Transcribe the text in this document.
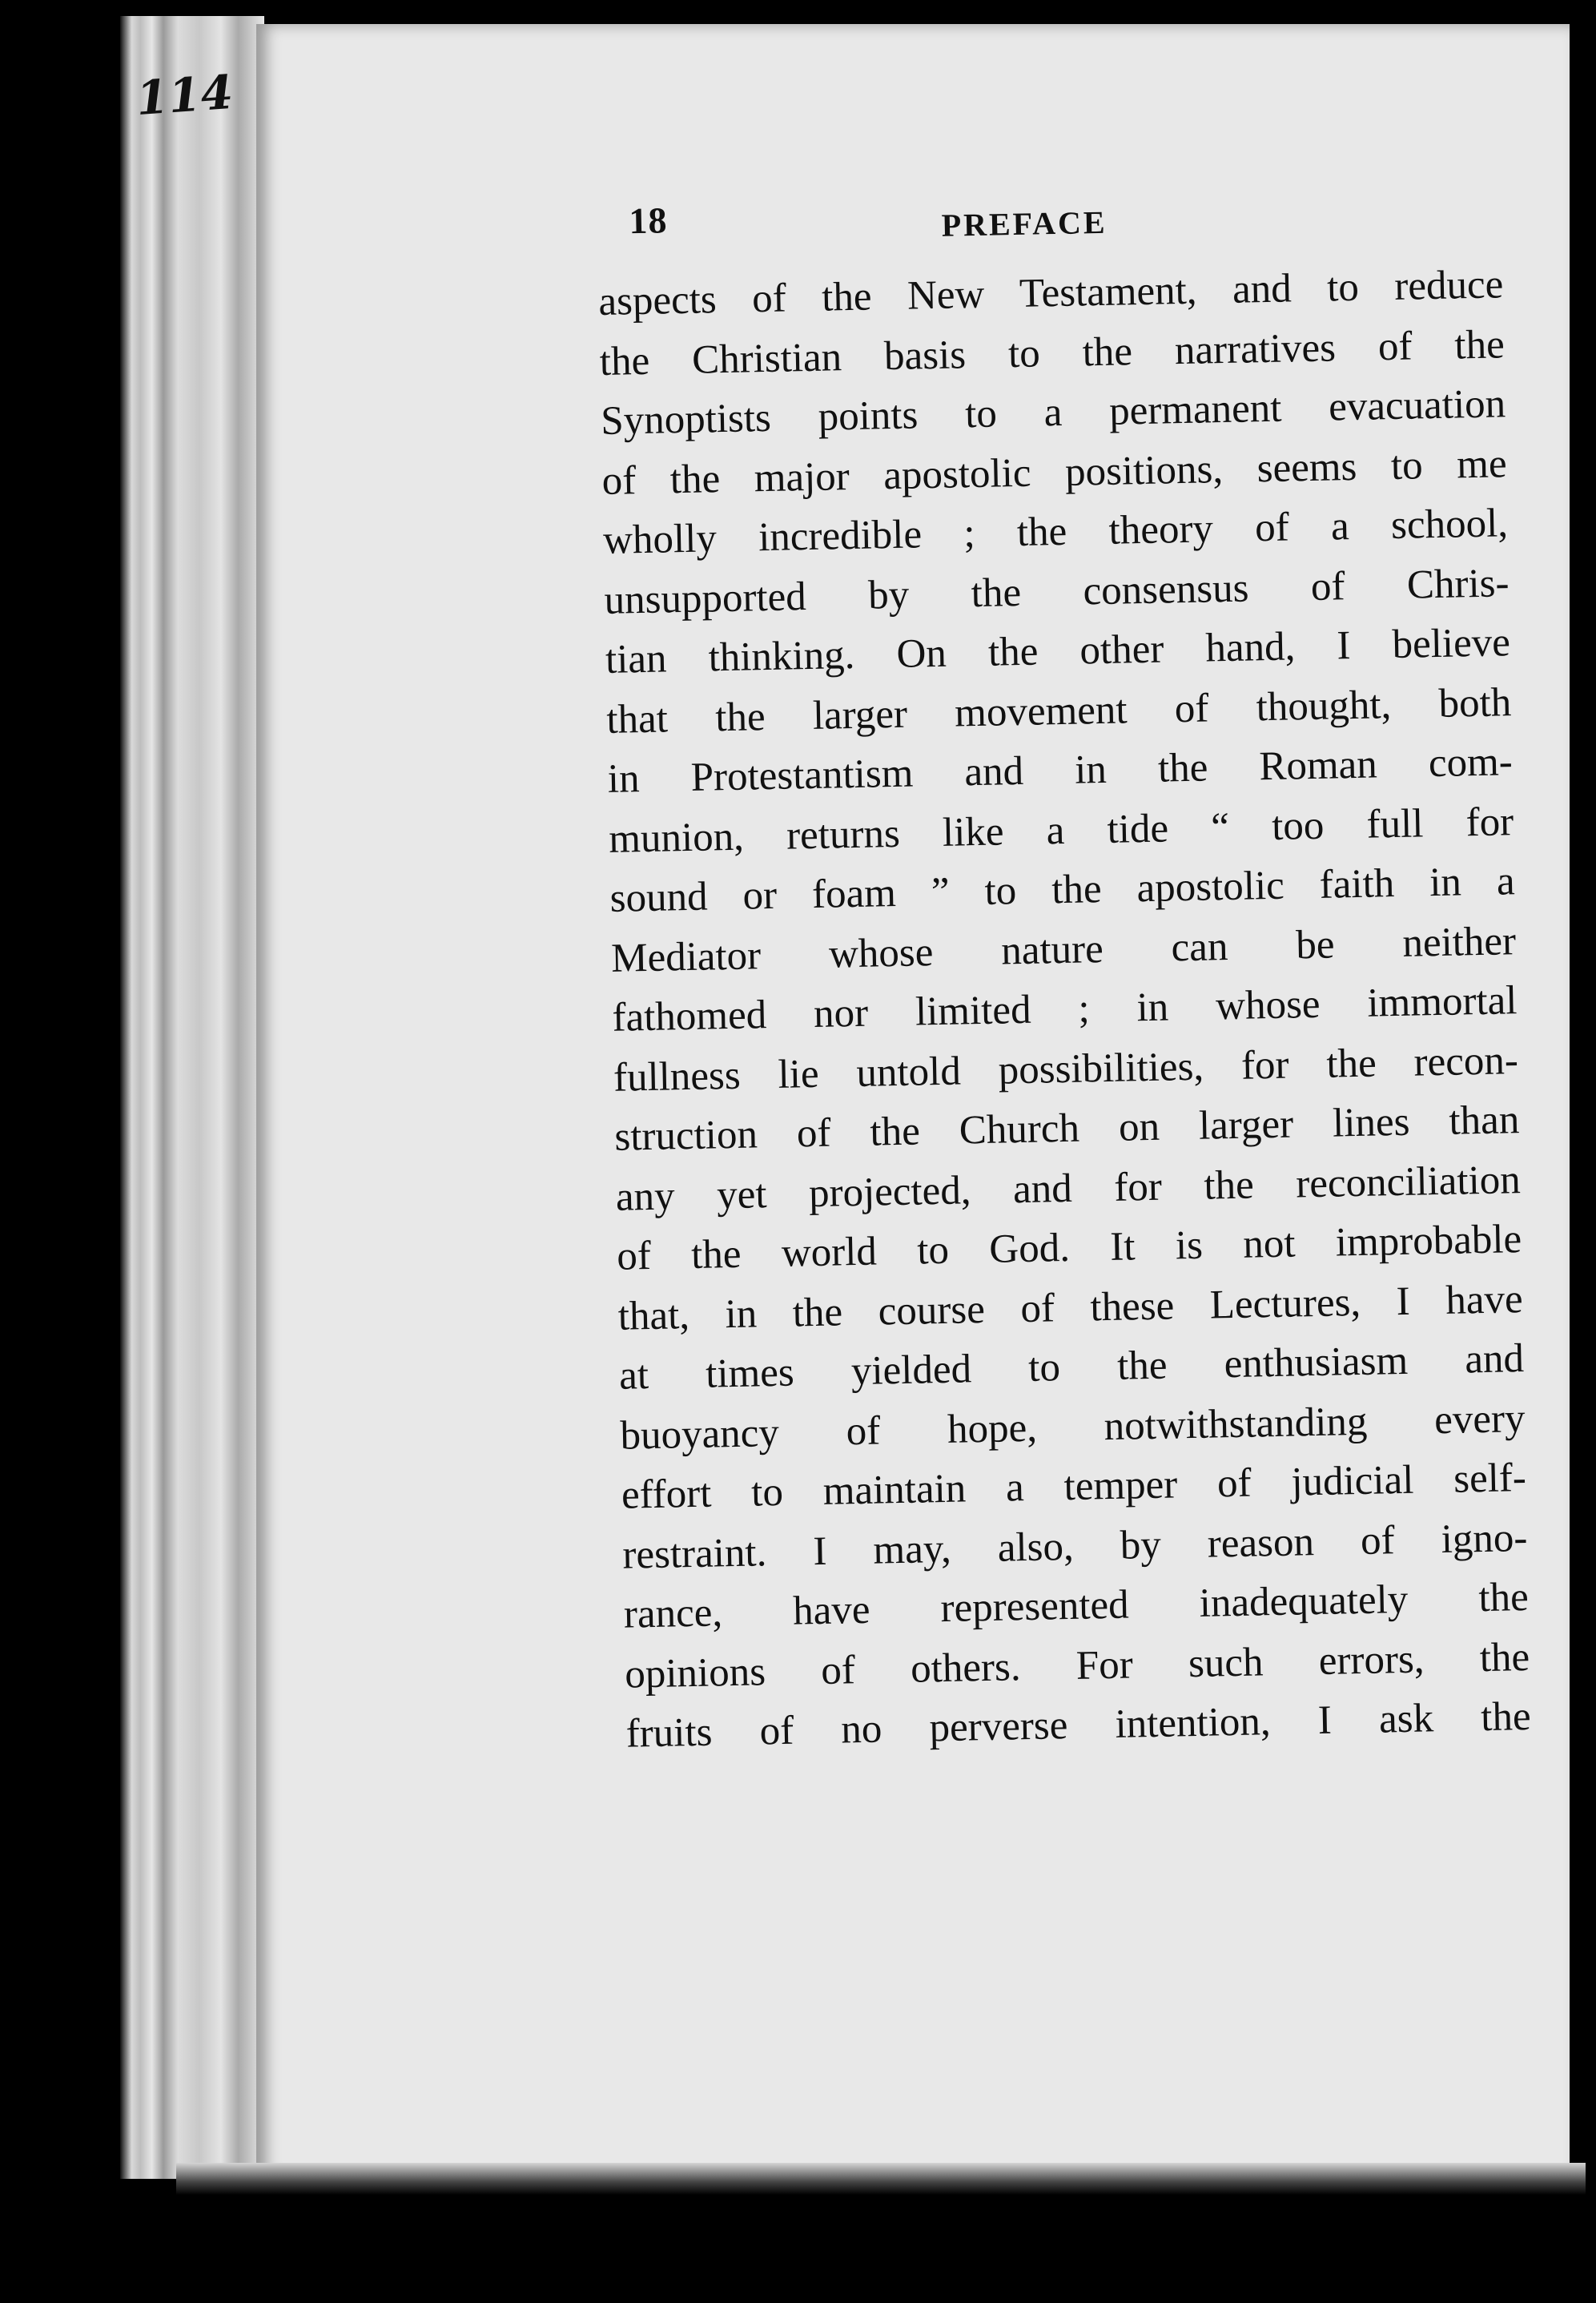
114
18	PREFACE
aspects of the New Testament, and to reduce
the Christian basis to the narratives of the
Synoptists points to a permanent evacuation
of the major apostolic positions, seems to me
wholly incredible ; the theory of a school,
unsupported by the consensus of Chris-
tian thinking. On the other hand, I believe
that the larger movement of thought, both
in Protestantism and in the Roman com-
munion, returns like a tide “ too full for
sound or foam ” to the apostolic faith in a
Mediator whose nature can be neither
fathomed nor limited ; in whose immortal
fullness lie untold possibilities, for the recon-
struction of the Church on larger lines than
any yet projected, and for the reconciliation
of the world to God. It is not improbable
that, in the course of these Lectures, I have
at times yielded to the enthusiasm and
buoyancy of hope, notwithstanding every
effort to maintain a temper of judicial self-
restraint. I may, also, by reason of igno-
rance, have represented inadequately the
opinions of others. For such errors, the
fruits of no perverse intention, I ask the
